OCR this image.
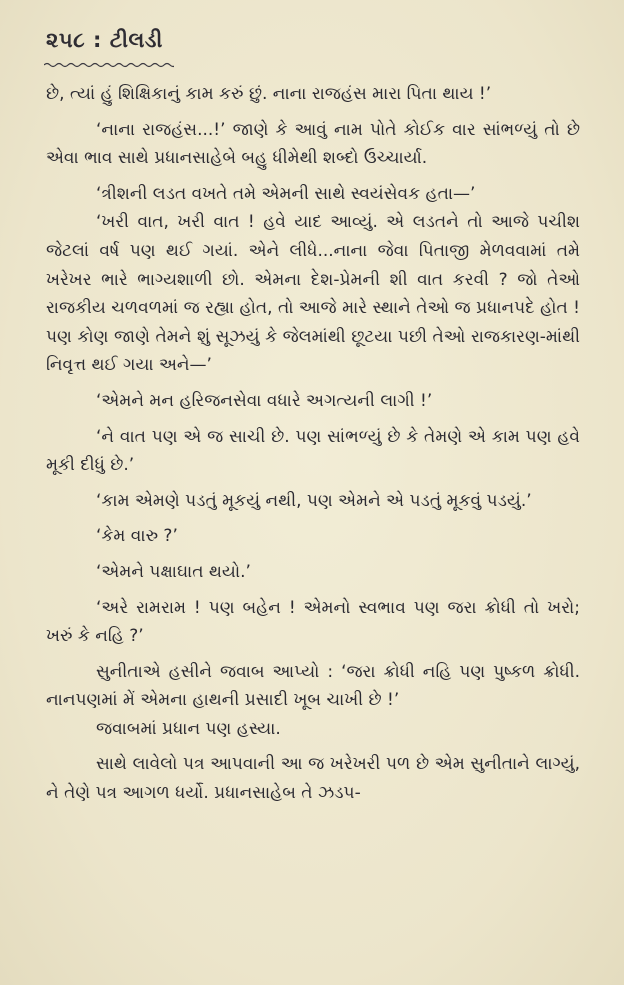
૨૫૮ : ટીલડી

છે, ત્યાં હું શિક્ષિકાનું કામ કરું છું. નાના રાજહંસ મારા પિતા થાય !’

‘નાના રાજહંસ...!’ જાણે કે આવું નામ પોતે કોઈક વાર સાંભળ્યું તો છે એવા ભાવ સાથે પ્રધાનસાહેબે બહુ ધીમેથી શબ્દો ઉચ્ચાર્યા.

‘ત્રીશની લડત વખતે તમે એમની સાથે સ્વયંસેવક હતા—’

‘ખરી વાત, ખરી વાત ! હવે યાદ આવ્યું. એ લડતને તો આજે પચીશ જેટલાં વર્ષ પણ થઈ ગયાં. એને લીધે...નાના જેવા પિતાજી મેળવવામાં તમે ખરેખર ભારે ભાગ્યશાળી છો. એમના દેશ-પ્રેમની શી વાત કરવી ? જો તેઓ રાજકીય ચળવળમાં જ રહ્યા હોત, તો આજે મારે સ્થાને તેઓ જ પ્રધાનપદે હોત ! પણ કોણ જાણે તેમને શું સૂઝયું કે જેલમાંથી છૂટયા પછી તેઓ રાજકારણ-માંથી નિવૃત્ત થઈ ગયા અને—’

‘એમને મન હરિજનસેવા વધારે અગત્યની લાગી !’

‘ને વાત પણ એ જ સાચી છે. પણ સાંભળ્યું છે કે તેમણે એ કામ પણ હવે મૂકી દીધું છે.’

‘કામ એમણે પડતું મૂકયું નથી, પણ એમને એ પડતું મૂકવું પડયું.’

‘કેમ વારુ ?’

‘એમને પક્ષાઘાત થયો.’

‘અરે રામરામ ! પણ બહેન ! એમનો સ્વભાવ પણ જરા ક્રોધી તો ખરો; ખરું કે નહિ ?’

સુનીતાએ હસીને જવાબ આપ્યો : ‘જરા ક્રોધી નહિ પણ પુષ્કળ ક્રોધી. નાનપણમાં મેં એમના હાથની પ્રસાદી ખૂબ ચાખી છે !’

જવાબમાં પ્રધાન પણ હસ્યા.

સાથે લાવેલો પત્ર આપવાની આ જ ખરેખરી પળ છે એમ સુનીતાને લાગ્યું, ને તેણે પત્ર આગળ ધર્યો. પ્રધાનસાહેબ તે ઝડપ-
